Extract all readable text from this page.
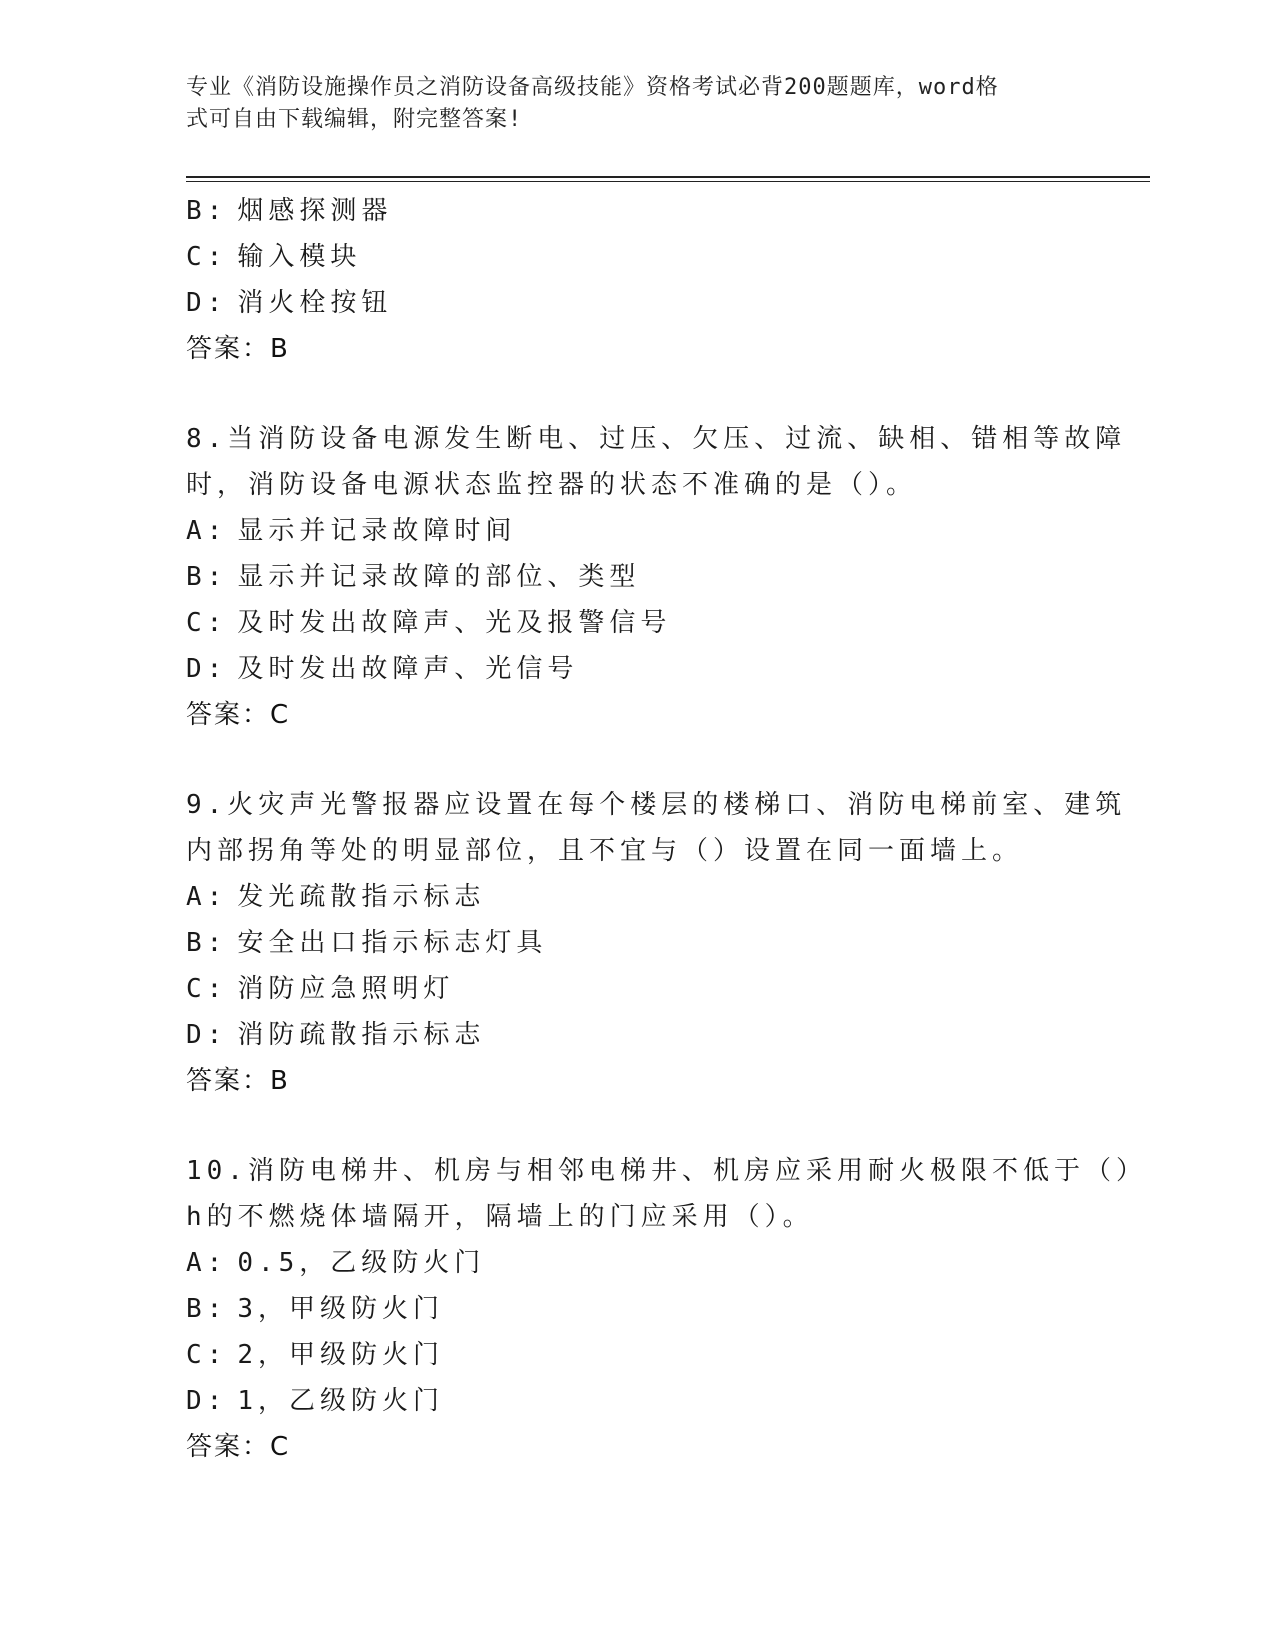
专业《消防设施操作员之消防设备高级技能》资格考试必背200题题库，word格
式可自由下载编辑，附完整答案!
B: 烟感探测器
C: 输入模块
D: 消火栓按钮
答案：B
8.当消防设备电源发生断电、过压、欠压、过流、缺相、错相等故障
时，消防设备电源状态监控器的状态不准确的是（）。
A: 显示并记录故障时间
B: 显示并记录故障的部位、类型
C: 及时发出故障声、光及报警信号
D: 及时发出故障声、光信号
答案：C
9.火灾声光警报器应设置在每个楼层的楼梯口、消防电梯前室、建筑
内部拐角等处的明显部位，且不宜与（）设置在同一面墙上。
A: 发光疏散指示标志
B: 安全出口指示标志灯具
C: 消防应急照明灯
D: 消防疏散指示标志
答案：B
10.消防电梯井、机房与相邻电梯井、机房应采用耐火极限不低于（）
h的不燃烧体墙隔开，隔墙上的门应采用（）。
A: 0.5，乙级防火门
B: 3，甲级防火门
C: 2，甲级防火门
D: 1，乙级防火门
答案：C
